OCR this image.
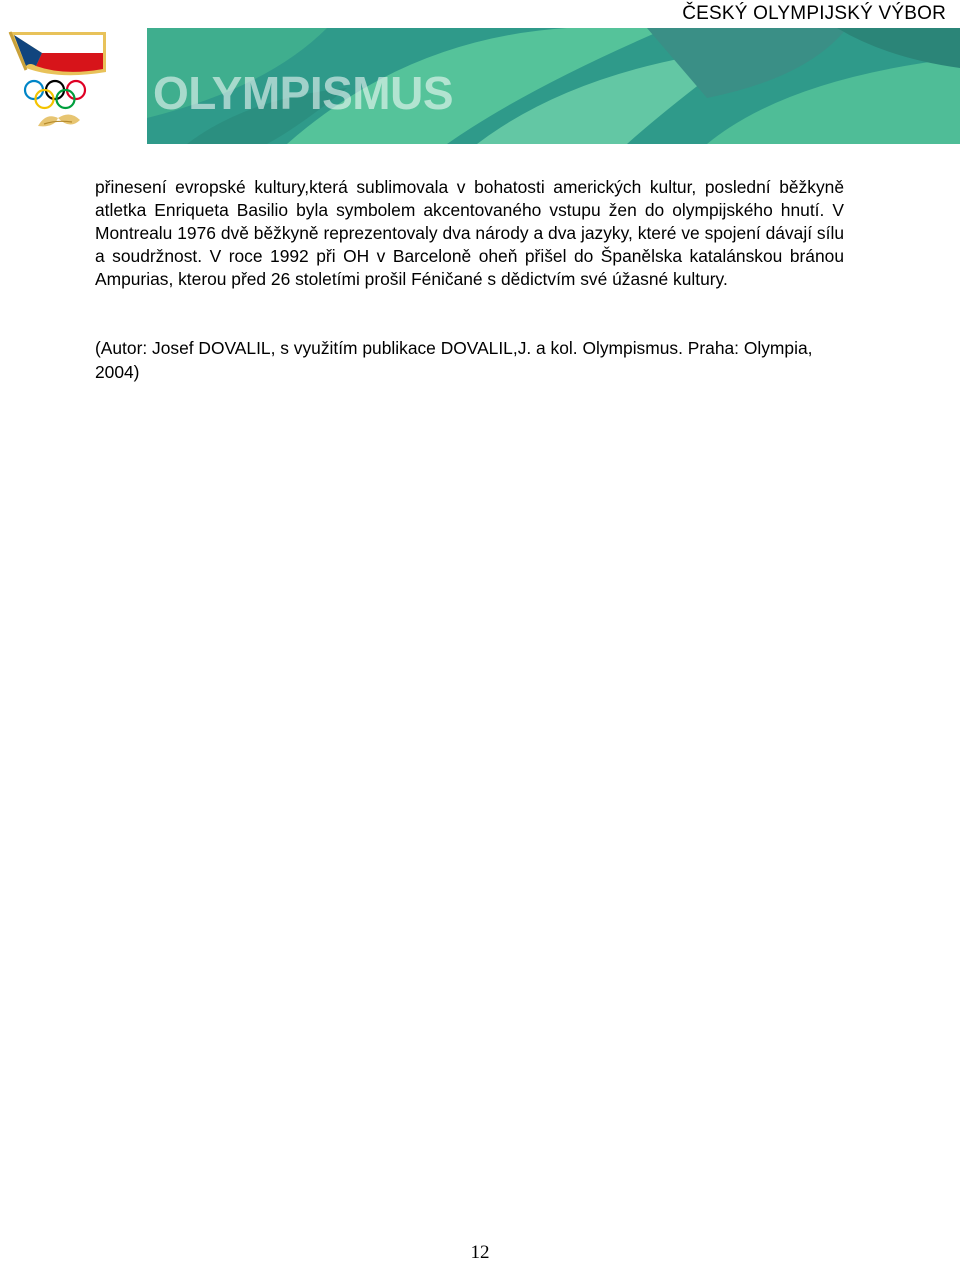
ČESKÝ OLYMPIJSKÝ VÝBOR
OLYMPISMUS

přinesení evropské kultury,která sublimovala v bohatosti amerických kultur, poslední běžkyně atletka Enriqueta Basilio byla symbolem akcentovaného vstupu žen do olympijského hnutí. V Montrealu 1976 dvě běžkyně reprezentovaly dva národy a dva jazyky, které ve spojení dávají sílu a soudržnost. V roce 1992 při OH v Barceloně oheň přišel do Španělska katalánskou bránou Ampurias, kterou před 26 stoletími prošil Féničané s dědictvím své úžasné kultury.

(Autor: Josef DOVALIL, s využitím publikace DOVALIL,J. a kol. Olympismus. Praha: Olympia, 2004)

12
